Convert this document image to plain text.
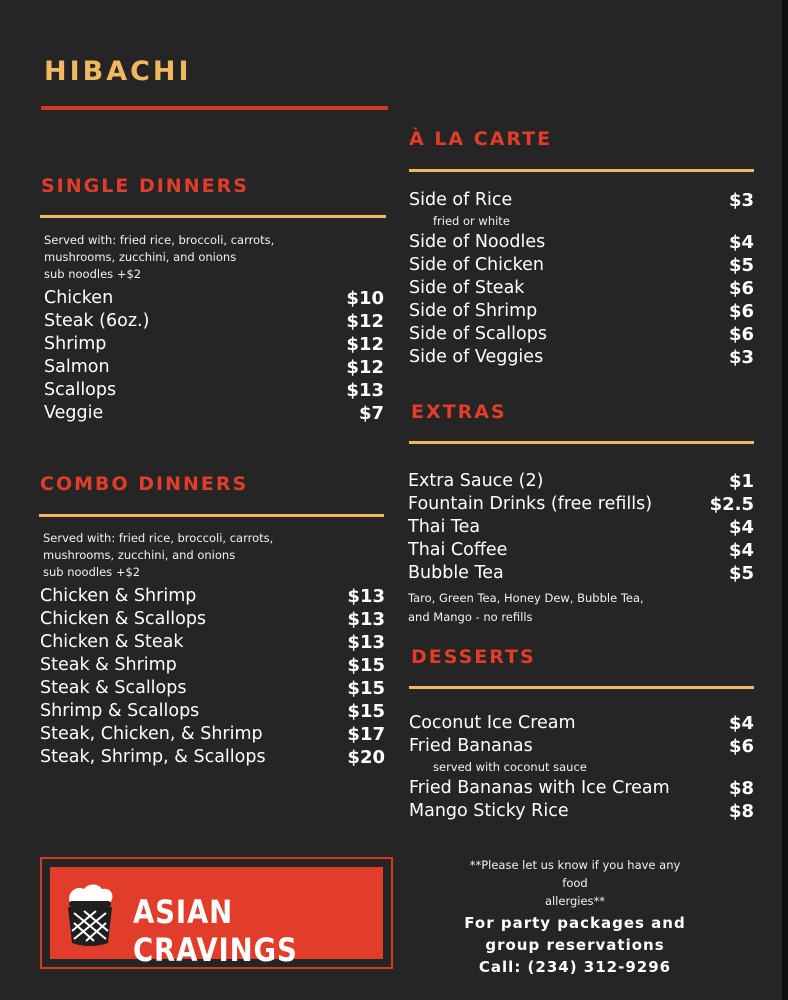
HIBACHI
SINGLE DINNERS
Served with: fried rice, broccoli, carrots,
mushrooms, zucchini, and onions
sub noodles +$2
Chicken	$10
Steak (6oz.)	$12
Shrimp	$12
Salmon	$12
Scallops	$13
Veggie	$7
COMBO DINNERS
Served with: fried rice, broccoli, carrots,
mushrooms, zucchini, and onions
sub noodles +$2
Chicken & Shrimp	$13
Chicken & Scallops	$13
Chicken & Steak	$13
Steak & Shrimp	$15
Steak & Scallops	$15
Shrimp & Scallops	$15
Steak, Chicken, & Shrimp	$17
Steak, Shrimp, & Scallops	$20
À LA CARTE
Side of Rice	$3
fried or white
Side of Noodles	$4
Side of Chicken	$5
Side of Steak	$6
Side of Shrimp	$6
Side of Scallops	$6
Side of Veggies	$3
EXTRAS
Extra Sauce (2)	$1
Fountain Drinks (free refills)	$2.5
Thai Tea	$4
Thai Coffee	$4
Bubble Tea	$5
Taro, Green Tea, Honey Dew, Bubble Tea,
and Mango - no refills
DESSERTS
Coconut Ice Cream	$4
Fried Bananas	$6
served with coconut sauce
Fried Bananas with Ice Cream	$8
Mango Sticky Rice	$8
ASIAN CRAVINGS
**Please let us know if you have any food
allergies**
For party packages and
group reservations
Call: (234) 312-9296
